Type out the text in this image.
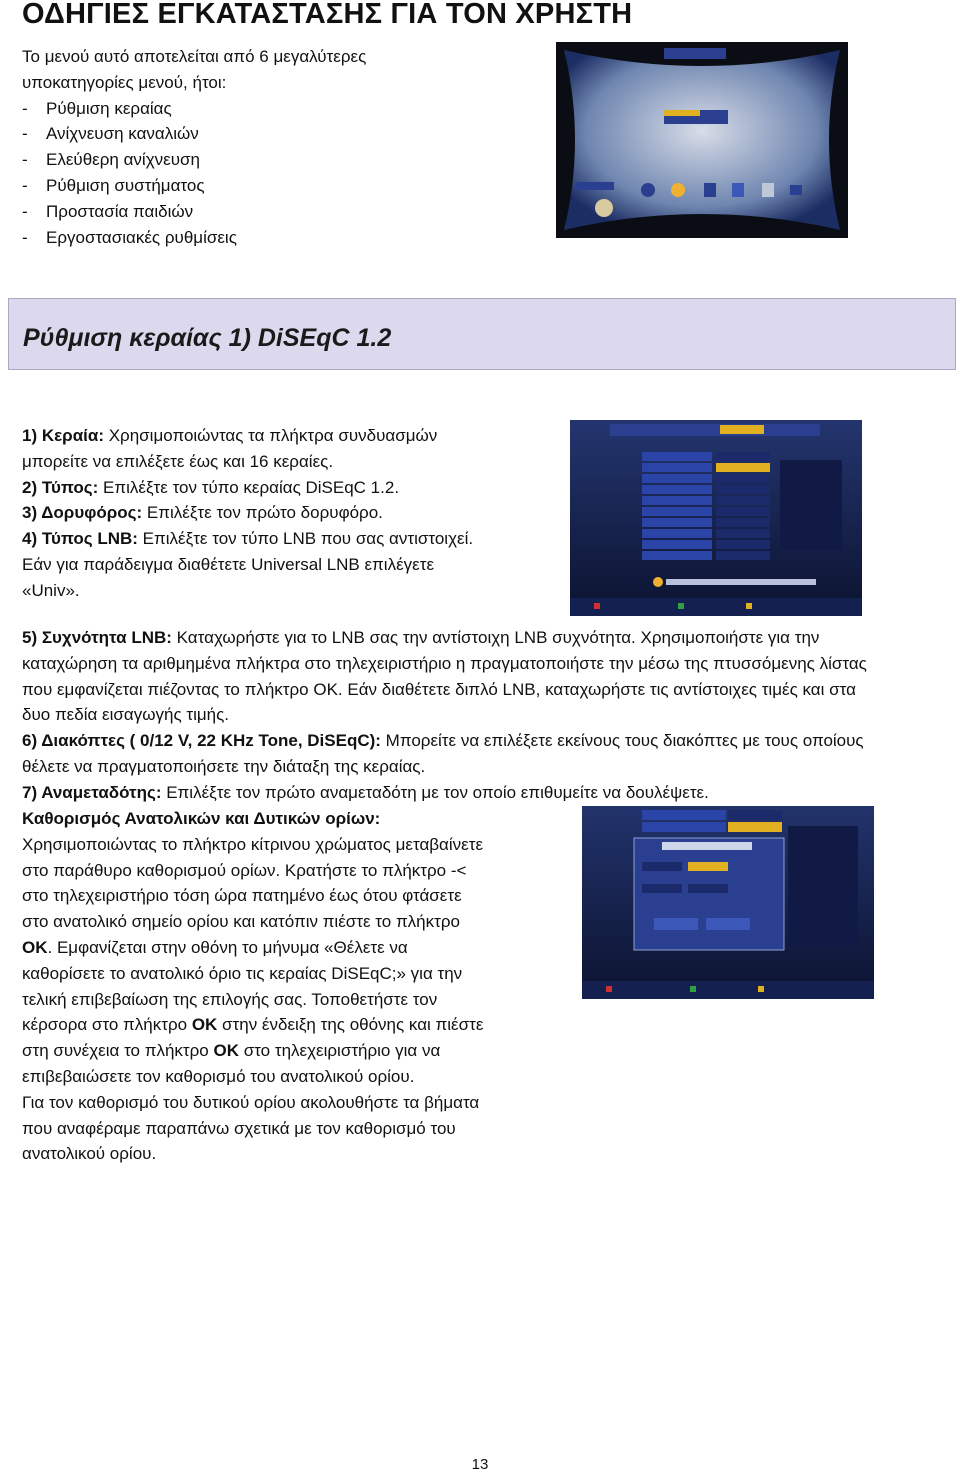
ΟΔΗΓΙΕΣ ΕΓΚΑΤΑΣΤΑΣΗΣ ΓΙΑ ΤΟΝ ΧΡΗΣΤΗ
Το μενού αυτό αποτελείται από 6 μεγαλύτερες
υποκατηγορίες μενού, ήτοι:
- Ρύθμιση κεραίας
- Ανίχνευση καναλιών
- Ελεύθερη ανίχνευση
- Ρύθμιση συστήματος
- Προστασία παιδιών
- Εργοστασιακές ρυθμίσεις
Ρύθμιση κεραίας 1) DiSEqC 1.2
1) Κεραία: Χρησιμοποιώντας τα πλήκτρα συνδυασμών
μπορείτε να επιλέξετε έως και 16 κεραίες.
2) Τύπος: Επιλέξτε τον τύπο κεραίας DiSEqC 1.2.
3) Δορυφόρος: Επιλέξτε τον πρώτο δορυφόρο.
4) Τύπος LNB: Επιλέξτε τον τύπο LNB που σας αντιστοιχεί.
Εάν για παράδειγμα διαθέτετε Universal LNB επιλέγετε
«Univ».
5) Συχνότητα LNB: Καταχωρήστε για το LNB σας την αντίστοιχη LNB συχνότητα. Χρησιμοποιήστε για την
καταχώρηση τα αριθμημένα πλήκτρα στο τηλεχειριστήριο η πραγματοποιήστε την μέσω της πτυσσόμενης λίστας
που εμφανίζεται πιέζοντας το πλήκτρο ΟΚ. Εάν διαθέτετε διπλό LNB, καταχωρήστε τις αντίστοιχες τιμές και στα
δυο πεδία εισαγωγής τιμής.
6) Διακόπτες ( 0/12 V, 22 KHz Tone, DiSEqC): Μπορείτε να επιλέξετε εκείνους τους διακόπτες με τους οποίους
θέλετε να πραγματοποιήσετε την διάταξη της κεραίας.
7) Αναμεταδότης: Επιλέξτε τον πρώτο αναμεταδότη με τον οποίο επιθυμείτε να δουλέψετε.
Καθορισμός Ανατολικών και Δυτικών ορίων:
Χρησιμοποιώντας το πλήκτρο κίτρινου χρώματος μεταβαίνετε
στο παράθυρο καθορισμού ορίων. Κρατήστε το πλήκτρο -<
στο τηλεχειριστήριο τόση ώρα πατημένο έως ότου φτάσετε
στο ανατολικό σημείο ορίου και κατόπιν πιέστε το πλήκτρο
ΟΚ. Εμφανίζεται στην οθόνη το μήνυμα «Θέλετε να
καθορίσετε το ανατολικό όριο τις κεραίας DiSEqC;» για την
τελική επιβεβαίωση της επιλογής σας. Τοποθετήστε τον
κέρσορα στο πλήκτρο ΟΚ στην ένδειξη της οθόνης και πιέστε
στη συνέχεια το πλήκτρο ΟΚ στο τηλεχειριστήριο για να
επιβεβαιώσετε τον καθορισμό του ανατολικού ορίου.
Για τον καθορισμό του δυτικού ορίου ακολουθήστε τα βήματα
που αναφέραμε παραπάνω σχετικά με τον καθορισμό του
ανατολικού ορίου.
13
